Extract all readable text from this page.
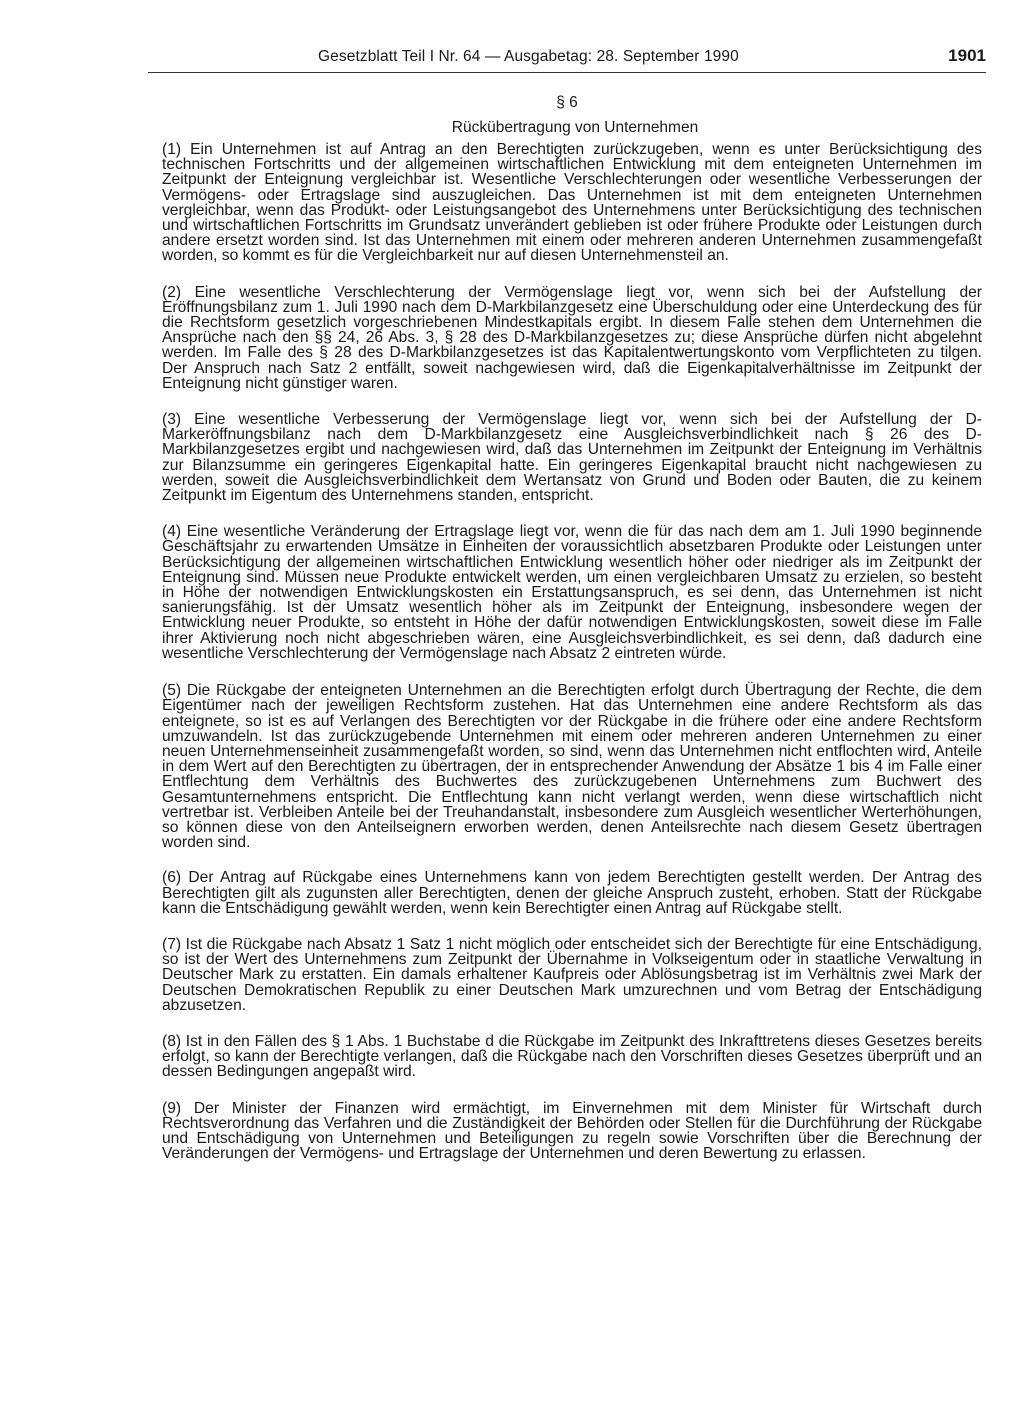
Gesetzblatt Teil I Nr. 64 — Ausgabetag: 28. September 1990	1901
§ 6
Rückübertragung von Unternehmen

(1) Ein Unternehmen ist auf Antrag an den Berechtigten zurückzugeben, wenn es unter Berücksichtigung des technischen Fortschritts und der allgemeinen wirtschaftlichen Entwicklung mit dem enteigneten Unternehmen im Zeitpunkt der Enteignung vergleichbar ist. Wesentliche Verschlechterungen oder wesentliche Verbesserungen der Vermögens- oder Ertragslage sind auszugleichen. Das Unternehmen ist mit dem enteigneten Unternehmen vergleichbar, wenn das Produkt- oder Leistungsangebot des Unternehmens unter Berücksichtigung des technischen und wirtschaftlichen Fortschritts im Grundsatz unverändert geblieben ist oder frühere Produkte oder Leistungen durch andere ersetzt worden sind. Ist das Unternehmen mit einem oder mehreren anderen Unternehmen zusammengefaßt worden, so kommt es für die Vergleichbarkeit nur auf diesen Unternehmensteil an.

(2) Eine wesentliche Verschlechterung der Vermögenslage liegt vor, wenn sich bei der Aufstellung der Eröffnungsbilanz zum 1. Juli 1990 nach dem D-Markbilanzgesetz eine Überschuldung oder eine Unterdeckung des für die Rechtsform gesetzlich vorgeschriebenen Mindestkapitals ergibt. In diesem Falle stehen dem Unternehmen die Ansprüche nach den §§ 24, 26 Abs. 3, § 28 des D-Markbilanzgesetzes zu; diese Ansprüche dürfen nicht abgelehnt werden. Im Falle des § 28 des D-Markbilanzgesetzes ist das Kapitalentwertungskonto vom Verpflichteten zu tilgen. Der Anspruch nach Satz 2 entfällt, soweit nachgewiesen wird, daß die Eigenkapitalverhältnisse im Zeitpunkt der Enteignung nicht günstiger waren.

(3) Eine wesentliche Verbesserung der Vermögenslage liegt vor, wenn sich bei der Aufstellung der D-Markeröffnungsbilanz nach dem D-Markbilanzgesetz eine Ausgleichsverbindlichkeit nach § 26 des D-Markbilanzgesetzes ergibt und nachgewiesen wird, daß das Unternehmen im Zeitpunkt der Enteignung im Verhältnis zur Bilanzsumme ein geringeres Eigenkapital hatte. Ein geringeres Eigenkapital braucht nicht nachgewiesen zu werden, soweit die Ausgleichsverbindlichkeit dem Wertansatz von Grund und Boden oder Bauten, die zu keinem Zeitpunkt im Eigentum des Unternehmens standen, entspricht.

(4) Eine wesentliche Veränderung der Ertragslage liegt vor, wenn die für das nach dem am 1. Juli 1990 beginnende Geschäftsjahr zu erwartenden Umsätze in Einheiten der voraussichtlich absetzbaren Produkte oder Leistungen unter Berücksichtigung der allgemeinen wirtschaftlichen Entwicklung wesentlich höher oder niedriger als im Zeitpunkt der Enteignung sind. Müssen neue Produkte entwickelt werden, um einen vergleichbaren Umsatz zu erzielen, so besteht in Höhe der notwendigen Entwicklungskosten ein Erstattungsanspruch, es sei denn, das Unternehmen ist nicht sanierungsfähig. Ist der Umsatz wesentlich höher als im Zeitpunkt der Enteignung, insbesondere wegen der Entwicklung neuer Produkte, so entsteht in Höhe der dafür notwendigen Entwicklungskosten, soweit diese im Falle ihrer Aktivierung noch nicht abgeschrieben wären, eine Ausgleichsverbindlichkeit, es sei denn, daß dadurch eine wesentliche Verschlechterung der Vermögenslage nach Absatz 2 eintreten würde.

(5) Die Rückgabe der enteigneten Unternehmen an die Berechtigten erfolgt durch Übertragung der Rechte, die dem Eigentümer nach der jeweiligen Rechtsform zustehen. Hat das Unternehmen eine andere Rechtsform als das enteignete, so ist es auf Verlangen des Berechtigten vor der Rückgabe in die frühere oder eine andere Rechtsform umzuwandeln. Ist das zurückzugebende Unternehmen mit einem oder mehreren anderen Unternehmen zu einer neuen Unternehmenseinheit zusammengefaßt worden, so sind, wenn das Unternehmen nicht entflochten wird, Anteile in dem Wert auf den Berechtigten zu übertragen, der in entsprechender Anwendung der Absätze 1 bis 4 im Falle einer Entflechtung dem Verhältnis des Buchwertes des zurückzugebenen Unternehmens zum Buchwert des Gesamtunternehmens entspricht. Die Entflechtung kann nicht verlangt werden, wenn diese wirtschaftlich nicht vertretbar ist. Verbleiben Anteile bei der Treuhandanstalt, insbesondere zum Ausgleich wesentlicher Werterhöhungen, so können diese von den Anteilseignern erworben werden, denen Anteilsrechte nach diesem Gesetz übertragen worden sind.

(6) Der Antrag auf Rückgabe eines Unternehmens kann von jedem Berechtigten gestellt werden. Der Antrag des Berechtigten gilt als zugunsten aller Berechtigten, denen der gleiche Anspruch zusteht, erhoben. Statt der Rückgabe kann die Entschädigung gewählt werden, wenn kein Berechtigter einen Antrag auf Rückgabe stellt.

(7) Ist die Rückgabe nach Absatz 1 Satz 1 nicht möglich oder entscheidet sich der Berechtigte für eine Entschädigung, so ist der Wert des Unternehmens zum Zeitpunkt der Übernahme in Volkseigentum oder in staatliche Verwaltung in Deutscher Mark zu erstatten. Ein damals erhaltener Kaufpreis oder Ablösungsbetrag ist im Verhältnis zwei Mark der Deutschen Demokratischen Republik zu einer Deutschen Mark umzurechnen und vom Betrag der Entschädigung abzusetzen.

(8) Ist in den Fällen des § 1 Abs. 1 Buchstabe d die Rückgabe im Zeitpunkt des Inkrafttretens dieses Gesetzes bereits erfolgt, so kann der Berechtigte verlangen, daß die Rückgabe nach den Vorschriften dieses Gesetzes überprüft und an dessen Bedingungen angepaßt wird.

(9) Der Minister der Finanzen wird ermächtigt, im Einvernehmen mit dem Minister für Wirtschaft durch Rechtsverordnung das Verfahren und die Zuständigkeit der Behörden oder Stellen für die Durchführung der Rückgabe und Entschädigung von Unternehmen und Beteiligungen zu regeln sowie Vorschriften über die Berechnung der Veränderungen der Vermögens- und Ertragslage der Unternehmen und deren Bewertung zu erlassen.
